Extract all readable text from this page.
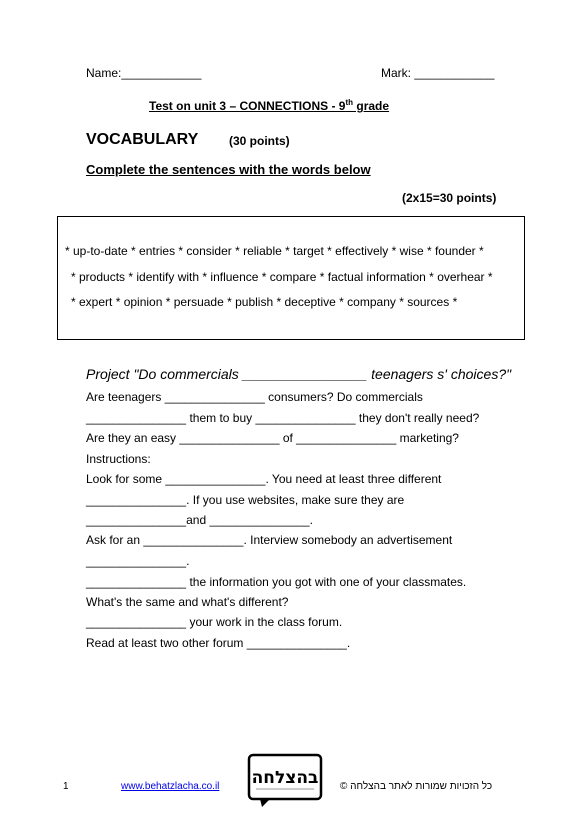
Name:____________	Mark: ____________
Test on unit 3 – CONNECTIONS - 9th grade
VOCABULARY	(30 points)
Complete the sentences with the words below
(2x15=30 points)
* up-to-date * entries * consider * reliable * target * effectively * wise * founder *
* products * identify with * influence * compare * factual information * overhear *
* expert * opinion * persuade * publish * deceptive * company * sources *
Project "Do commercials ________________ teenagers s' choices?"
Are teenagers _______________ consumers? Do commercials
_______________ them to buy _______________ they don't really need?
Are they an easy _______________ of _______________ marketing?
Instructions:
Look for some _______________. You need at least three different
_______________. If you use websites, make sure they are
_______________and _______________.
Ask for an _______________. Interview somebody an advertisement
_______________.
_______________ the information you got with one of your classmates.
What's the same and what's different?
_______________ your work in the class forum.
Read at least two other forum _______________.
1	www.behatzlacha.co.il בהצלחה כל הזכויות שמורות לאתר בהצלחה ©
